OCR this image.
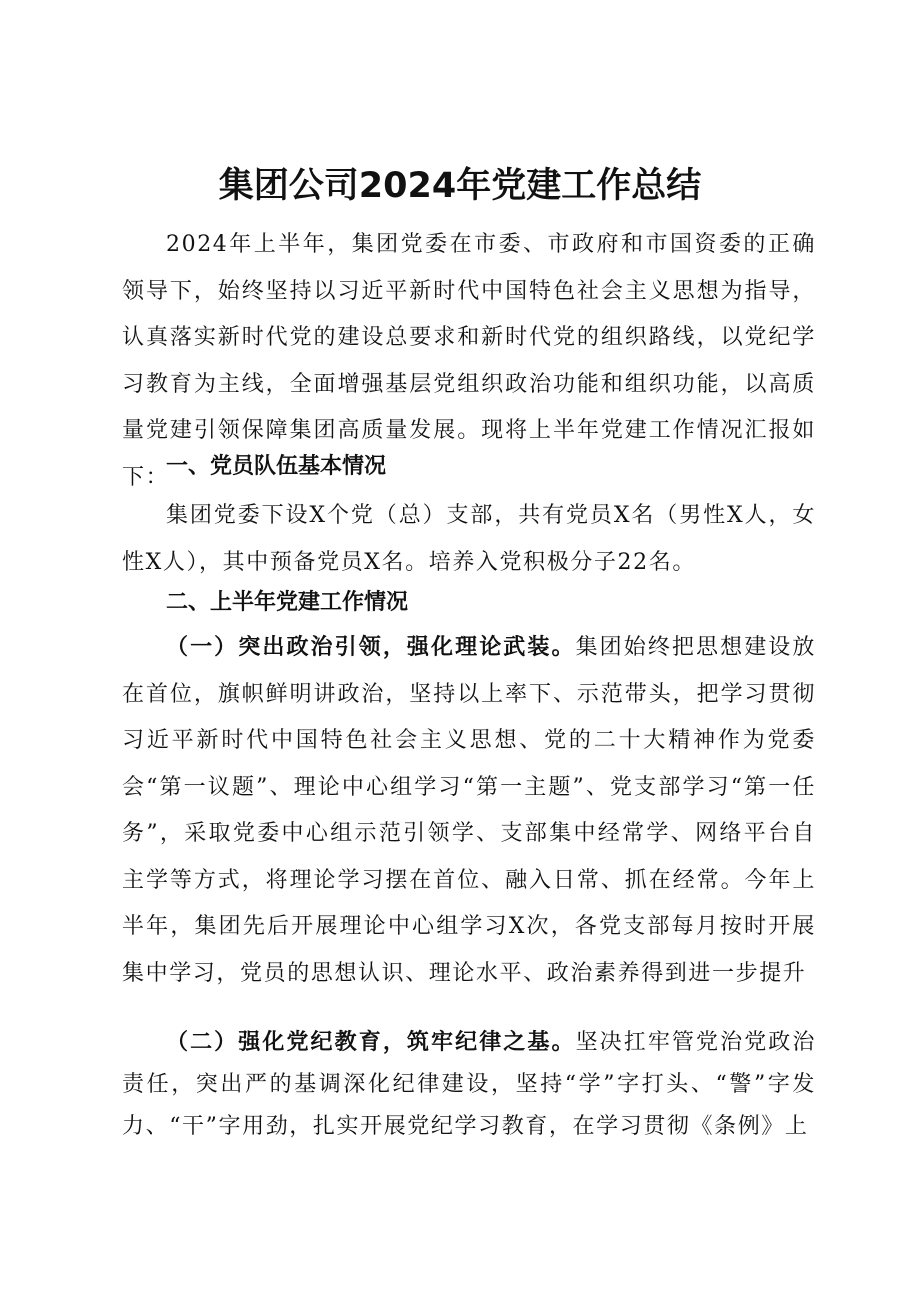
集团公司2024年党建工作总结

2024年上半年，集团党委在市委、市政府和市国资委的正确领导下，始终坚持以习近平新时代中国特色社会主义思想为指导，认真落实新时代党的建设总要求和新时代党的组织路线，以党纪学习教育为主线，全面增强基层党组织政治功能和组织功能，以高质量党建引领保障集团高质量发展。现将上半年党建工作情况汇报如下：

一、党员队伍基本情况

集团党委下设X个党（总）支部，共有党员X名（男性X人，女性X人），其中预备党员X名。培养入党积极分子22名。

二、上半年党建工作情况

（一）突出政治引领，强化理论武装。集团始终把思想建设放在首位，旗帜鲜明讲政治，坚持以上率下、示范带头，把学习贯彻习近平新时代中国特色社会主义思想、党的二十大精神作为党委会“第一议题”、理论中心组学习“第一主题”、党支部学习“第一任务”，采取党委中心组示范引领学、支部集中经常学、网络平台自主学等方式，将理论学习摆在首位、融入日常、抓在经常。今年上半年，集团先后开展理论中心组学习X次，各党支部每月按时开展集中学习，党员的思想认识、理论水平、政治素养得到进一步提升

（二）强化党纪教育，筑牢纪律之基。坚决扛牢管党治党政治责任，突出严的基调深化纪律建设，坚持“学”字打头、“警”字发力、“干”字用劲，扎实开展党纪学习教育，在学习贯彻《条例》上
